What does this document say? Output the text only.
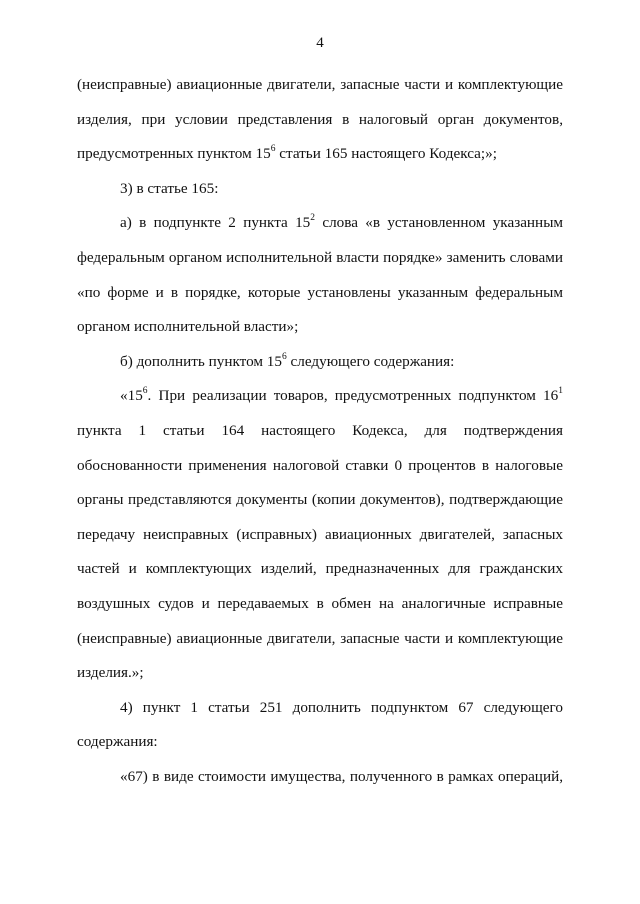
4
(неисправные) авиационные двигатели, запасные части и комплектующие
изделия, при условии представления в налоговый орган документов,
предусмотренных пунктом $15^6$ статьи 165 настоящего Кодекса;»;
3) в статье 165:
а) в подпункте 2 пункта $15^2$ слова «в установленном указанным
федеральным органом исполнительной власти порядке» заменить словами
«по форме и в порядке, которые установлены указанным федеральным
органом исполнительной власти»;
б) дополнить пунктом $15^6$ следующего содержания:
«$15^6$. При реализации товаров, предусмотренных подпунктом $16^1$
пункта 1 статьи 164 настоящего Кодекса, для подтверждения
обоснованности применения налоговой ставки 0 процентов в налоговые
органы представляются документы (копии документов), подтверждающие
передачу неисправных (исправных) авиационных двигателей, запасных
частей и комплектующих изделий, предназначенных для гражданских
воздушных судов и передаваемых в обмен на аналогичные исправные
(неисправные) авиационные двигатели, запасные части и комплектующие
изделия.»;
4) пункт 1 статьи 251 дополнить подпунктом 67 следующего
содержания:
«67) в виде стоимости имущества, полученного в рамках операций,
